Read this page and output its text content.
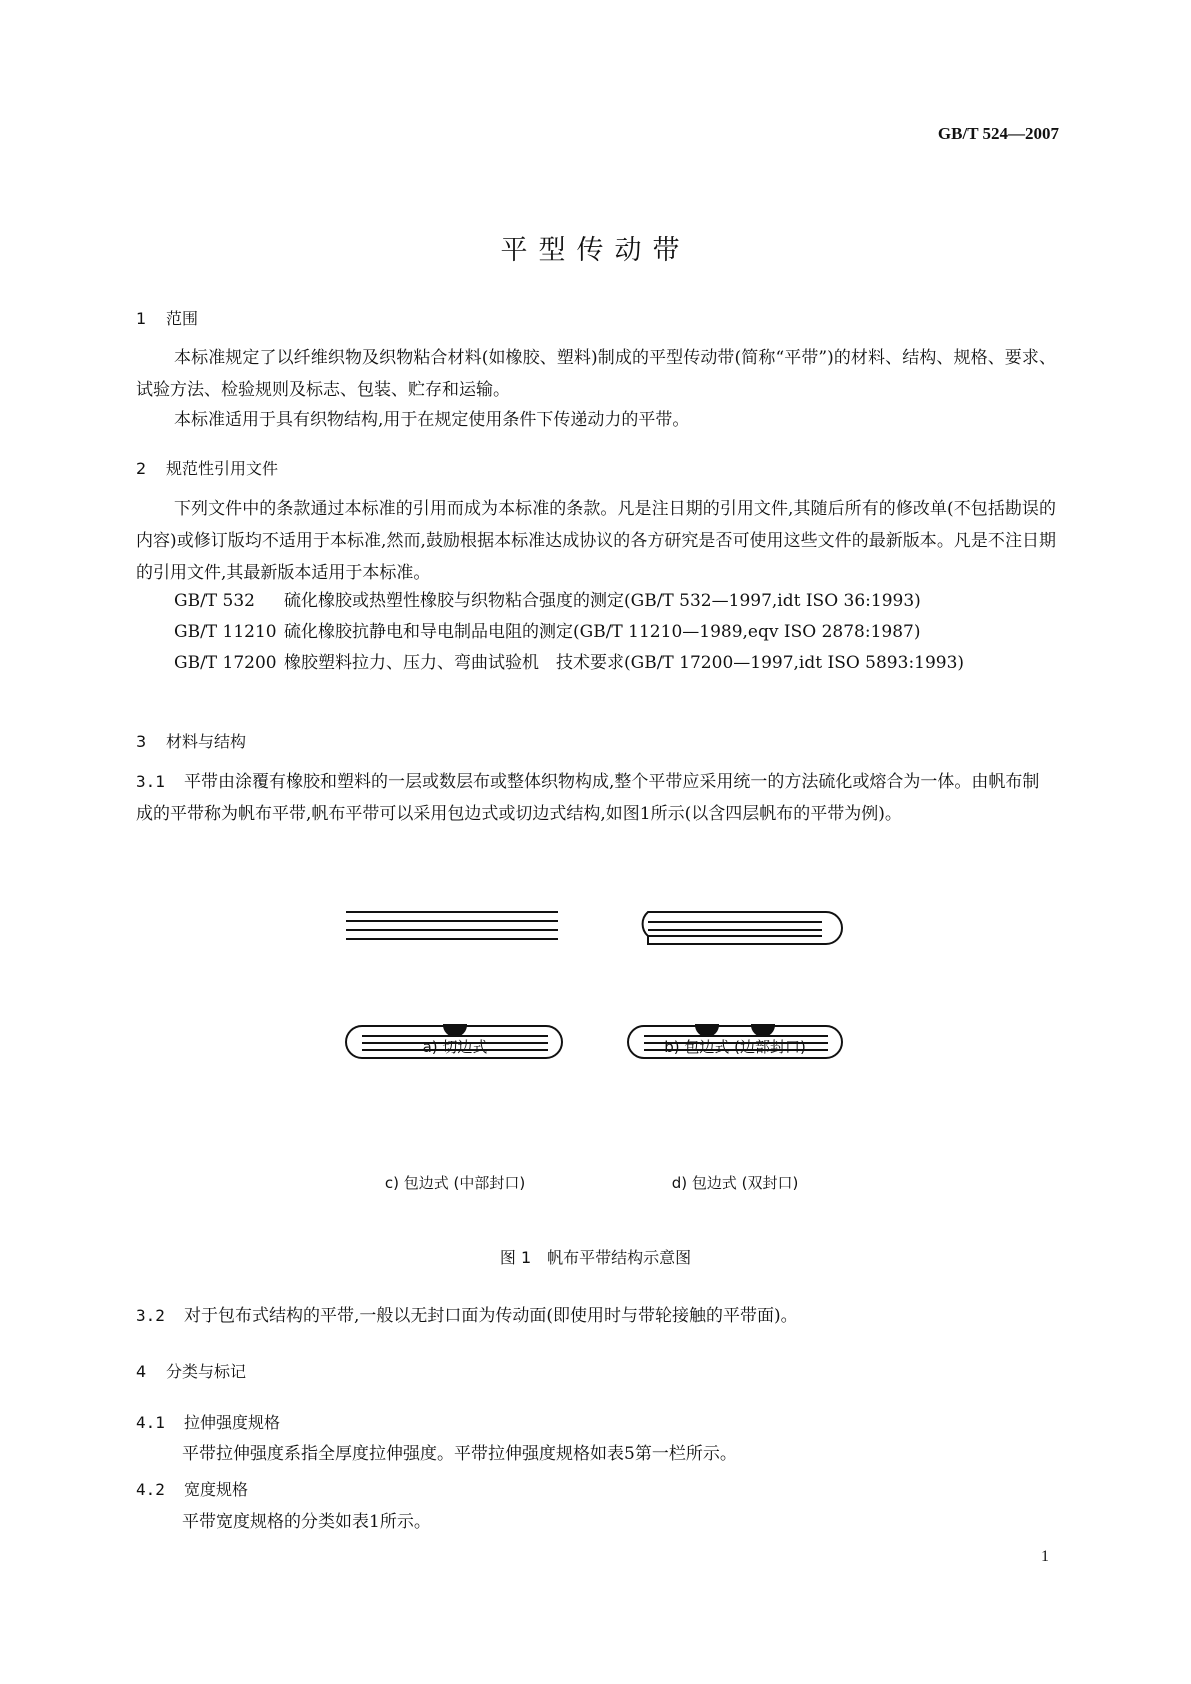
GB/T 524—2007
平型传动带
1 范围
本标准规定了以纤维织物及织物粘合材料(如橡胶、塑料)制成的平型传动带(简称“平带”)的材料、结构、规格、要求、试验方法、检验规则及标志、包装、贮存和运输。
本标准适用于具有织物结构,用于在规定使用条件下传递动力的平带。
2 规范性引用文件
下列文件中的条款通过本标准的引用而成为本标准的条款。凡是注日期的引用文件,其随后所有的修改单(不包括勘误的内容)或修订版均不适用于本标准,然而,鼓励根据本标准达成协议的各方研究是否可使用这些文件的最新版本。凡是不注日期的引用文件,其最新版本适用于本标准。
GB/T 532 硫化橡胶或热塑性橡胶与织物粘合强度的测定(GB/T 532—1997,idt ISO 36:1993)
GB/T 11210 硫化橡胶抗静电和导电制品电阻的测定(GB/T 11210—1989,eqv ISO 2878:1987)
GB/T 17200 橡胶塑料拉力、压力、弯曲试验机　技术要求(GB/T 17200—1997,idt ISO 5893:1993)
3 材料与结构
3.1 平带由涂覆有橡胶和塑料的一层或数层布或整体织物构成,整个平带应采用统一的方法硫化或熔合为一体。由帆布制成的平带称为帆布平带,帆布平带可以采用包边式或切边式结构,如图1所示(以含四层帆布的平带为例)。
a) 切边式	b) 包边式 (边部封口)
c) 包边式 (中部封口)	d) 包边式 (双封口)
图 1　帆布平带结构示意图
3.2 对于包布式结构的平带,一般以无封口面为传动面(即使用时与带轮接触的平带面)。
4 分类与标记
4.1 拉伸强度规格
平带拉伸强度系指全厚度拉伸强度。平带拉伸强度规格如表5第一栏所示。
4.2 宽度规格
平带宽度规格的分类如表1所示。
1
